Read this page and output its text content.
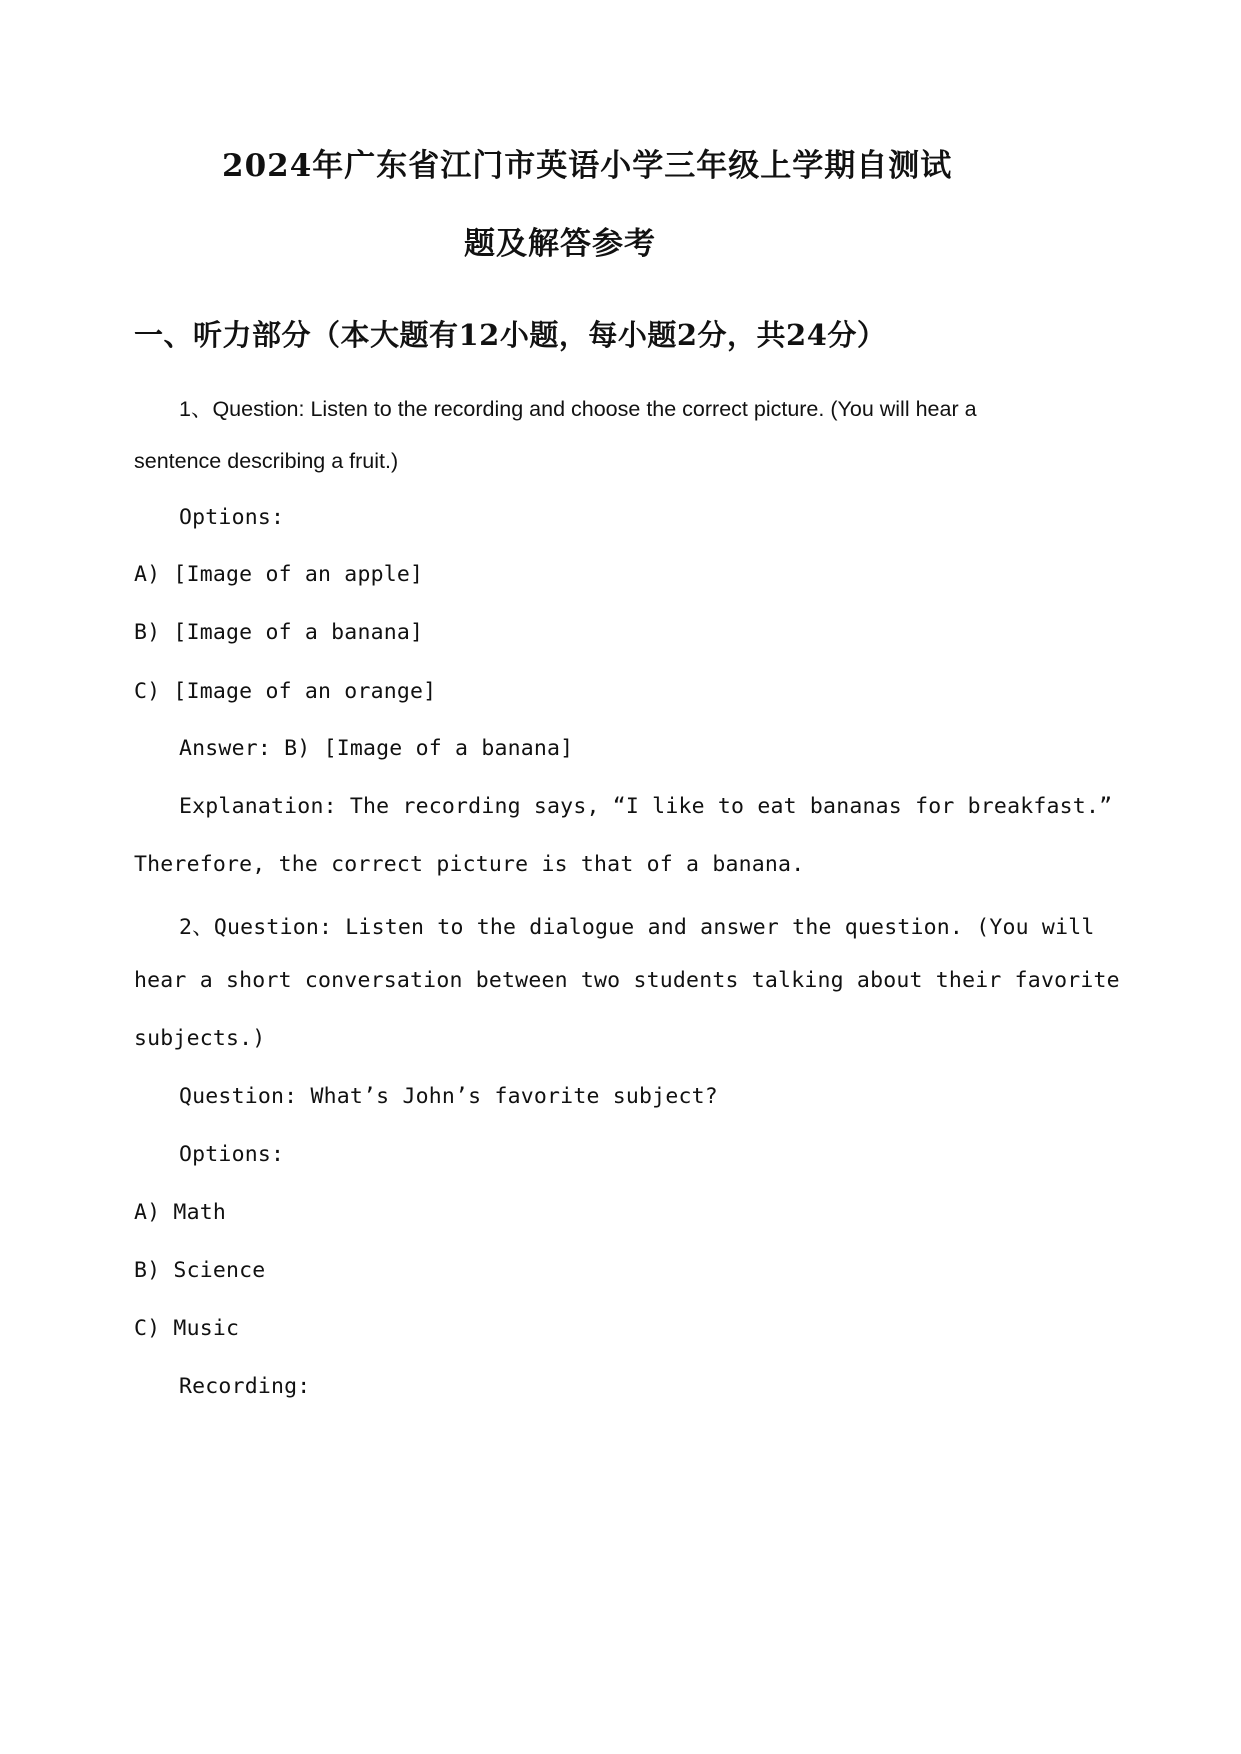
2024年广东省江门市英语小学三年级上学期自测试
题及解答参考
一、听力部分（本大题有12小题，每小题2分，共24分）
1、Question: Listen to the recording and choose the correct picture. (You will hear a
sentence describing a fruit.)
Options:
A) [Image of an apple]
B) [Image of a banana]
C) [Image of an orange]
Answer: B) [Image of a banana]
Explanation: The recording says, “I like to eat bananas for breakfast.”
Therefore, the correct picture is that of a banana.
2、Question: Listen to the dialogue and answer the question. (You will
hear a short conversation between two students talking about their favorite
subjects.)
Question: What’s John’s favorite subject?
Options:
A) Math
B) Science
C) Music
Recording:
